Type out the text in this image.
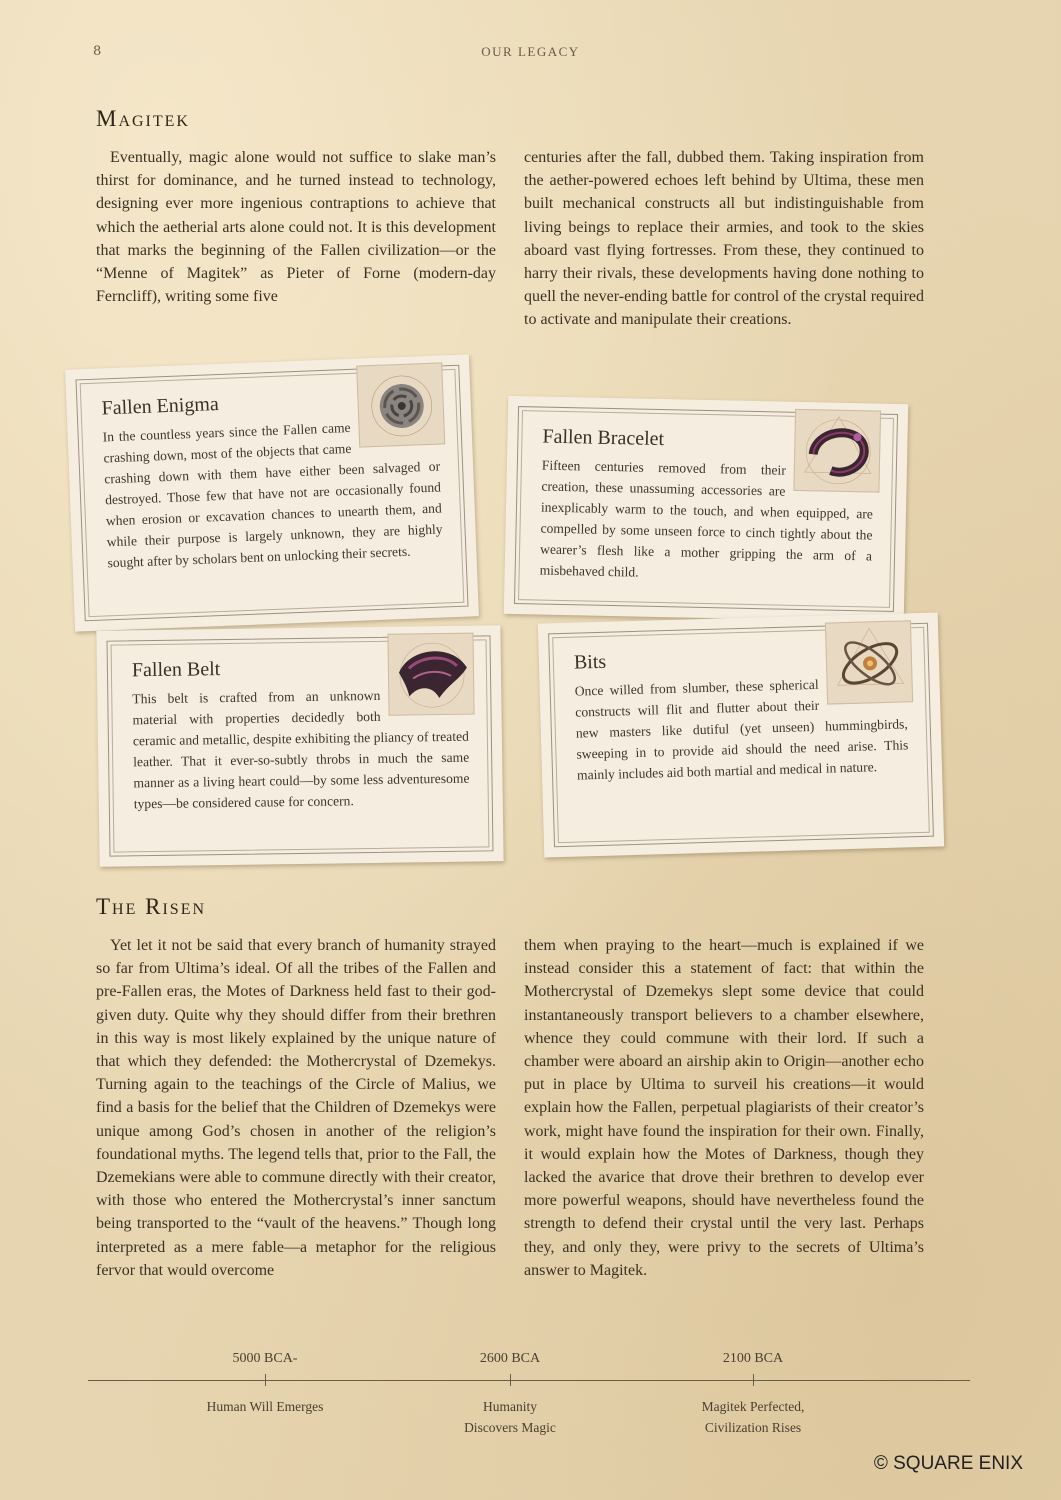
8	OUR LEGACY
Magitek

Eventually, magic alone would not suffice to slake man’s thirst for dominance, and he turned instead to technology, designing ever more ingenious contraptions to achieve that which the aetherial arts alone could not. It is this development that marks the beginning of the Fallen civilization—or the “Menne of Magitek” as Pieter of Forne (modern-day Ferncliff), writing some five

centuries after the fall, dubbed them. Taking inspiration from the aether-powered echoes left behind by Ultima, these men built mechanical constructs all but indistinguishable from living beings to replace their armies, and took to the skies aboard vast flying fortresses. From these, they continued to harry their rivals, these developments having done nothing to quell the never-ending battle for control of the crystal required to activate and manipulate their creations.

Fallen Enigma
In the countless years since the Fallen came crashing down, most of the objects that came crashing down with them have either been salvaged or destroyed. Those few that have not are occasionally found when erosion or excavation chances to unearth them, and while their purpose is largely unknown, they are highly sought after by scholars bent on unlocking their secrets.
Fallen Bracelet
Fifteen centuries removed from their creation, these unassuming accessories are inexplicably warm to the touch, and when equipped, are compelled by some unseen force to cinch tightly about the wearer’s flesh like a mother gripping the arm of a misbehaved child.
Fallen Belt
This belt is crafted from an unknown material with properties decidedly both ceramic and metallic, despite exhibiting the pliancy of treated leather. That it ever-so-subtly throbs in much the same manner as a living heart could—by some less adventuresome types—be considered cause for concern.
Bits
Once willed from slumber, these spherical constructs will flit and flutter about their new masters like dutiful (yet unseen) hummingbirds, sweeping in to provide aid should the need arise. This mainly includes aid both martial and medical in nature.
The Risen

Yet let it not be said that every branch of humanity strayed so far from Ultima’s ideal. Of all the tribes of the Fallen and pre-Fallen eras, the Motes of Darkness held fast to their god-given duty. Quite why they should differ from their brethren in this way is most likely explained by the unique nature of that which they defended: the Mothercrystal of Dzemekys. Turning again to the teachings of the Circle of Malius, we find a basis for the belief that the Children of Dzemekys were unique among God’s chosen in another of the religion’s foundational myths. The legend tells that, prior to the Fall, the Dzemekians were able to commune directly with their creator, with those who entered the Mothercrystal’s inner sanctum being transported to the “vault of the heavens.” Though long interpreted as a mere fable—a metaphor for the religious fervor that would overcome

them when praying to the heart—much is explained if we instead consider this a statement of fact: that within the Mothercrystal of Dzemekys slept some device that could instantaneously transport believers to a chamber elsewhere, whence they could commune with their lord. If such a chamber were aboard an airship akin to Origin—another echo put in place by Ultima to surveil his creations—it would explain how the Fallen, perpetual plagiarists of their creator’s work, might have found the inspiration for their own. Finally, it would explain how the Motes of Darkness, though they lacked the avarice that drove their brethren to develop ever more powerful weapons, should have nevertheless found the strength to defend their crystal until the very last. Perhaps they, and only they, were privy to the secrets of Ultima’s answer to Magitek.

5000 BCA-
Human Will Emerges
2600 BCA
Humanity
Discovers Magic
2100 BCA
Magitek Perfected,
Civilization Rises
© SQUARE ENIX
